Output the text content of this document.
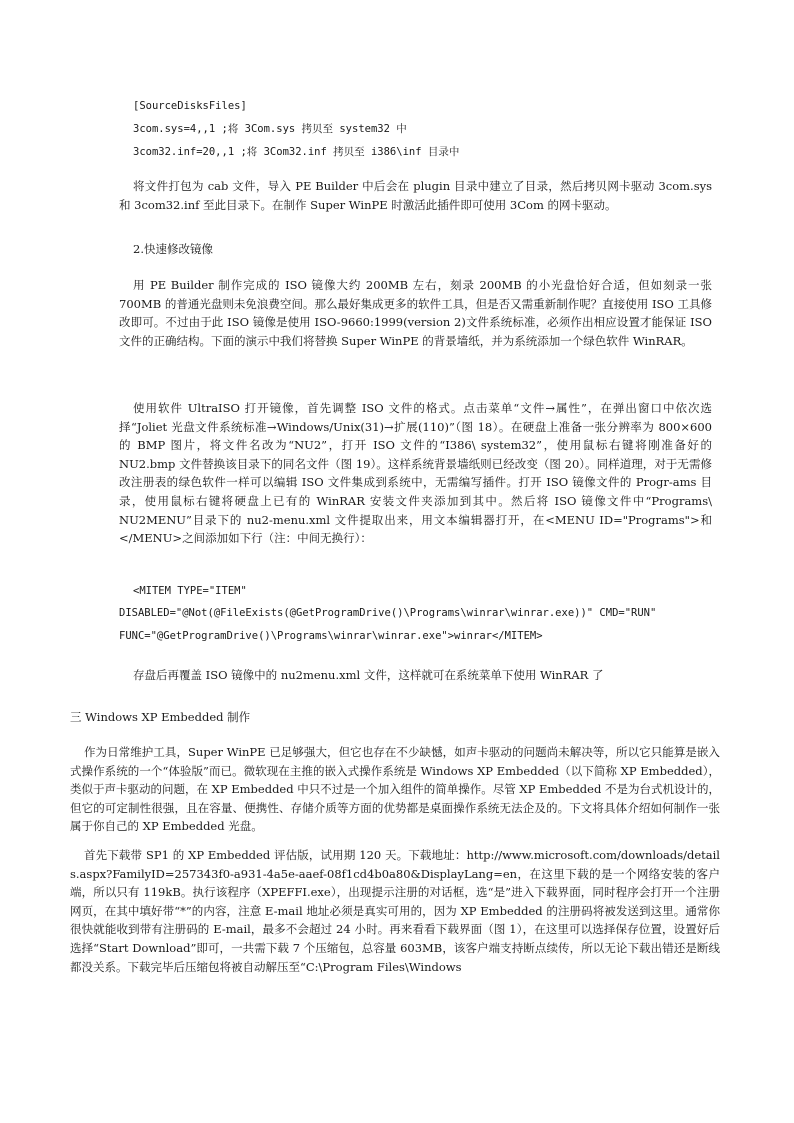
[SourceDisksFiles]
3com.sys=4,,1 ;将 3Com.sys 拷贝至 system32 中
3com32.inf=20,,1 ;将 3Com32.inf 拷贝至 i386\inf 目录中
将文件打包为 cab 文件，导入 PE Builder 中后会在 plugin 目录中建立了目录，然后拷贝网卡驱动 3com.sys 和 3com32.inf 至此目录下。在制作 Super WinPE 时激活此插件即可使用 3Com 的网卡驱动。
2.快速修改镜像
用 PE Builder 制作完成的 ISO 镜像大约 200MB 左右，刻录 200MB 的小光盘恰好合适，但如刻录一张 700MB 的普通光盘则未免浪费空间。那么最好集成更多的软件工具，但是否又需重新制作呢？直接使用 ISO 工具修改即可。不过由于此 ISO 镜像是使用 ISO-9660:1999(version 2)文件系统标准，必须作出相应设置才能保证 ISO 文件的正确结构。下面的演示中我们将替换 Super WinPE 的背景墙纸，并为系统添加一个绿色软件 WinRAR。
使用软件 UltraISO 打开镜像，首先调整 ISO 文件的格式。点击菜单“文件→属性”，在弹出窗口中依次选择“Joliet 光盘文件系统标准→Windows/Unix(31)→扩展(110)”（图 18）。在硬盘上准备一张分辨率为 800×600 的 BMP 图片，将文件名改为“NU2”，打开 ISO 文件的“I386\ system32”，使用鼠标右键将刚准备好的 NU2.bmp 文件替换该目录下的同名文件（图 19）。这样系统背景墙纸则已经改变（图 20）。同样道理，对于无需修改注册表的绿色软件一样可以编辑 ISO 文件集成到系统中，无需编写插件。打开 ISO 镜像文件的 Progr-ams 目录，使用鼠标右键将硬盘上已有的 WinRAR 安装文件夹添加到其中。然后将 ISO 镜像文件中“Programs\ NU2MENU”目录下的 nu2-menu.xml 文件提取出来，用文本编辑器打开，在<MENU ID="Programs">和</MENU>之间添加如下行（注：中间无换行）：
<MITEM TYPE="ITEM"
DISABLED="@Not(@FileExists(@GetProgramDrive()\Programs\winrar\winrar.exe))" CMD="RUN"
FUNC="@GetProgramDrive()\Programs\winrar\winrar.exe">winrar</MITEM>
存盘后再覆盖 ISO 镜像中的 nu2menu.xml 文件，这样就可在系统菜单下使用 WinRAR 了
三 Windows XP Embedded 制作
作为日常维护工具，Super WinPE 已足够强大，但它也存在不少缺憾，如声卡驱动的问题尚未解决等，所以它只能算是嵌入式操作系统的一个“体验版”而已。微软现在主推的嵌入式操作系统是 Windows XP Embedded（以下简称 XP Embedded），类似于声卡驱动的问题，在 XP Embedded 中只不过是一个加入组件的简单操作。尽管 XP Embedded 不是为台式机设计的，但它的可定制性很强，且在容量、便携性、存储介质等方面的优势都是桌面操作系统无法企及的。下文将具体介绍如何制作一张属于你自己的 XP Embedded 光盘。
首先下载带 SP1 的 XP Embedded 评估版，试用期 120 天。下载地址：http://www.microsoft.com/downloads/details.aspx?FamilyID=257343f0-a931-4a5e-aaef-08f1cd4b0a80&DisplayLang=en，在这里下载的是一个网络安装的客户端，所以只有 119kB。执行该程序（XPEFFI.exe），出现提示注册的对话框，选“是”进入下载界面，同时程序会打开一个注册网页，在其中填好带“*”的内容，注意 E-mail 地址必须是真实可用的，因为 XP Embedded 的注册码将被发送到这里。通常你很快就能收到带有注册码的 E-mail，最多不会超过 24 小时。再来看看下载界面（图 1），在这里可以选择保存位置，设置好后选择“Start Download”即可，一共需下载 7 个压缩包，总容量 603MB，该客户端支持断点续传，所以无论下载出错还是断线都没关系。下载完毕后压缩包将被自动解压至“C:\Program Files\Windows
